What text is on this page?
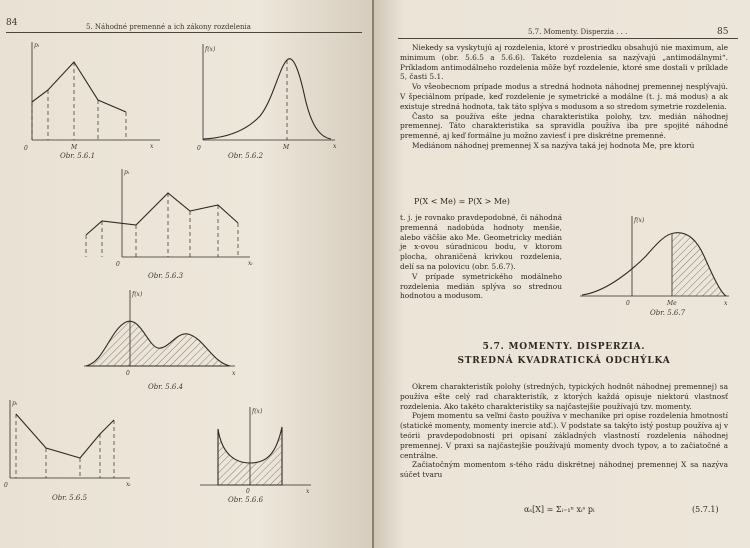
84	5. Náhodné premenné a ich zákony rozdelenia
pᵢ
0	x
M
Obr. 5.6.1
f(x)
0	x
M
Obr. 5.6.2
pᵢ
0	xᵢ
Obr. 5.6.3
f(x)
0	x
Obr. 5.6.4
pᵢ
0	xᵢ
Obr. 5.6.5
f(x)
0	x
Obr. 5.6.6
5.7. Momenty. Disperzia . . .	85

Niekedy sa vyskytujú aj rozdelenia, ktoré v prostriedku obsahujú nie maximum, ale minimum (obr. 5.6.5 a 5.6.6). Takéto rozdelenia sa nazývajú „antimodálnymi“. Príkladom antimodálneho rozdelenia môže byť rozdelenie, ktoré sme dostali v príklade 5, časti 5.1.

Vo všeobecnom prípade modus a stredná hodnota náhodnej premennej nesplývajú. V špeciálnom prípade, keď rozdelenie je symetrické a modálne (t. j. má modus) a ak existuje stredná hodnota, tak táto splýva s modusom a so stredom symetrie rozdelenia.

Často sa používa ešte jedna charakteristika polohy, tzv. medián náhodnej premennej. Táto charakteristika sa spravidla používa iba pre spojité náhodné premenné, aj keď formálne ju možno zaviesť i pre diskrétne premenné.

Mediánom náhodnej premennej X sa nazýva taká jej hodnota Me, pre ktorú

P(X < Me) = P(X > Me)

t. j. je rovnako pravdepodobné, či náhodná premenná nadobúda hodnoty menšie, alebo väčšie ako Me. Geometricky medián je x-ovou súradnicou bodu, v ktorom plocha, ohraničená krivkou rozdelenia, delí sa na polovicu (obr. 5.6.7).

V prípade symetrického modálneho rozdelenia medián splýva so strednou hodnotou a modusom.

f(x)
0	x
Me
Obr. 5.6.7
5.7. MOMENTY. DISPERZIA.
STREDNÁ KVADRATICKÁ ODCHÝLKA

Okrem charakteristík polohy (stredných, typických hodnôt náhodnej premennej) sa používa ešte celý rad charakteristík, z ktorých každá opisuje niektorú vlastnosť rozdelenia. Ako takéto charakteristiky sa najčastejšie používajú tzv. momenty.

Pojem momentu sa veľmi často používa v mechanike pri opise rozdelenia hmotností (statické momenty, momenty inercie atď.). V podstate sa takýto istý postup používa aj v teórii pravdepodobnosti pri opisaní základných vlastností rozdelenia náhodnej premennej. V praxi sa najčastejšie používajú momenty dvoch typov, a to začiatočné a centrálne.

Začiatočným momentom s-tého rádu diskrétnej náhodnej premennej X sa nazýva súčet tvaru

αₛ[X] = Σᵢ₌₁ⁿ xᵢˢ pᵢ	(5.7.1)
